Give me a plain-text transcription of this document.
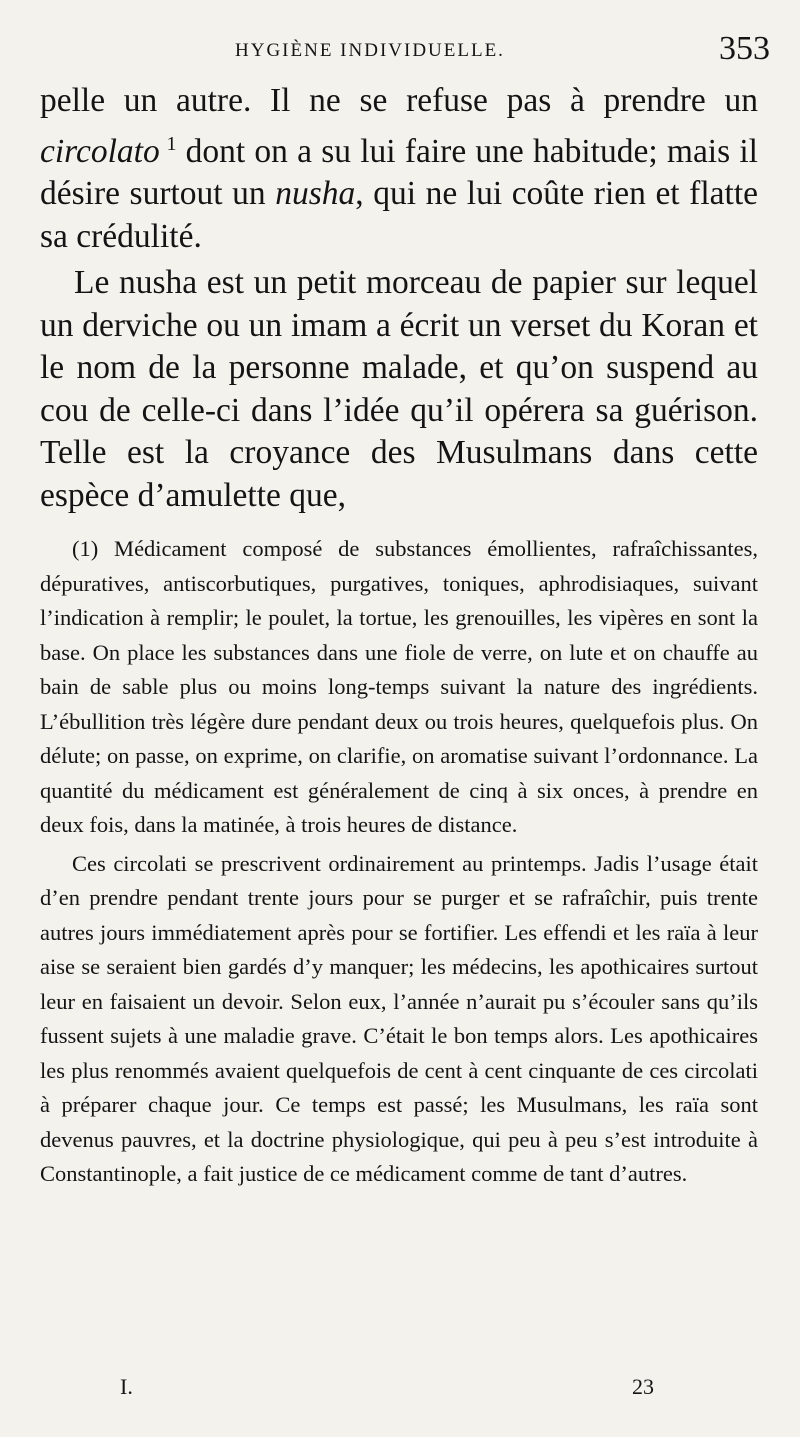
HYGIÈNE INDIVIDUELLE.	353

pelle un autre. Il ne se refuse pas à prendre un circolato  $^1$ dont on a su lui faire une habitude; mais il désire surtout un nusha, qui ne lui coûte rien et flatte sa crédulité.

Le nusha est un petit morceau de papier sur lequel un derviche ou un imam a écrit un verset du Koran et le nom de la personne malade, et qu’on suspend au cou de celle-ci dans l’idée qu’il opérera sa guérison. Telle est la croyance des Musulmans dans cette espèce d’amulette que,

(1) Médicament composé de substances émollientes, rafraîchissantes, dépuratives, antiscorbutiques, purgatives, toniques, aphrodisiaques, suivant l’indication à remplir; le poulet, la tortue, les grenouilles, les vipères en sont la base. On place les substances dans une fiole de verre, on lute et on chauffe au bain de sable plus ou moins long-temps suivant la nature des ingrédients. L’ébullition très légère dure pendant deux ou trois heures, quelquefois plus. On délute; on passe, on exprime, on clarifie, on aromatise suivant l’ordonnance. La quantité du médicament est généralement de cinq à six onces, à prendre en deux fois, dans la matinée, à trois heures de distance.

Ces circolati se prescrivent ordinairement au printemps. Jadis l’usage était d’en prendre pendant trente jours pour se purger et se rafraîchir, puis trente autres jours immédiatement après pour se fortifier. Les effendi et les raïa à leur aise se seraient bien gardés d’y manquer; les médecins, les apothicaires surtout leur en faisaient un devoir. Selon eux, l’année n’aurait pu s’écouler sans qu’ils fussent sujets à une maladie grave. C’était le bon temps alors. Les apothicaires les plus renommés avaient quelquefois de cent à cent cinquante de ces circolati à préparer chaque jour. Ce temps est passé; les Musulmans, les raïa sont devenus pauvres, et la doctrine physiologique, qui peu à peu s’est introduite à Constantinople, a fait justice de ce médicament comme de tant d’autres.

I.	23
